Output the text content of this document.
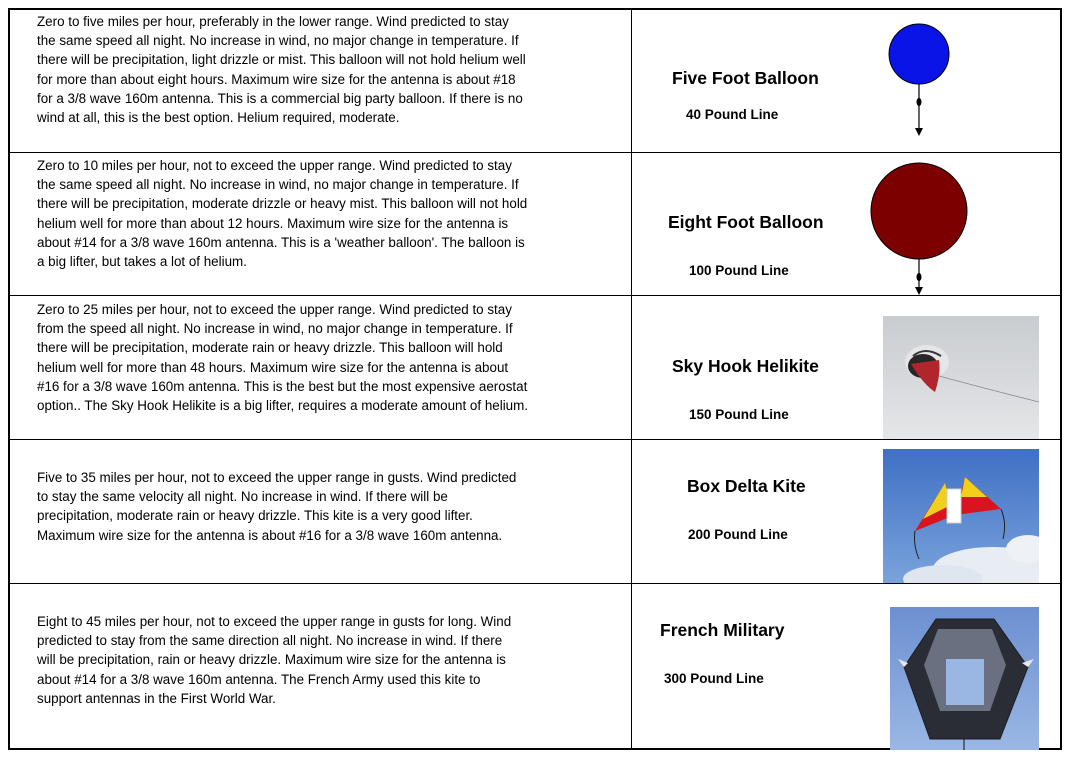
Zero to five miles per hour, preferably in the lower range. Wind predicted to stay
the same speed all night. No increase in wind, no major change in temperature. If
there will be precipitation, light drizzle or mist. This balloon will not hold helium well
for more than about eight hours. Maximum wire size for the antenna is about #18
for a 3/8 wave 160m antenna. This is a commercial big party balloon. If there is no
wind at all, this is the best option. Helium required, moderate.
Five Foot Balloon
40 Pound Line
Zero to 10 miles per hour, not to exceed the upper range. Wind predicted to stay
the same speed all night. No increase in wind, no major change in temperature. If
there will be precipitation, moderate drizzle or heavy mist. This balloon will not hold
helium well for more than about 12 hours. Maximum wire size for the antenna is
about #14 for a 3/8 wave 160m antenna. This is a 'weather balloon'. The balloon is
a big lifter, but takes a lot of helium.
Eight Foot Balloon
100 Pound Line
Zero to 25 miles per hour, not to exceed the upper range. Wind predicted to stay
from the speed all night. No increase in wind, no major change in temperature. If
there will be precipitation, moderate rain or heavy drizzle. This balloon will hold
helium well for more than 48 hours. Maximum wire size for the antenna is about
#16 for a 3/8 wave 160m antenna. This is the best but the most expensive aerostat
option.. The Sky Hook Helikite is a big lifter, requires a moderate amount of helium.
Sky Hook Helikite
150 Pound Line
Five to 35 miles per hour, not to exceed the upper range in gusts. Wind predicted
to stay the same velocity all night. No increase in wind. If there will be
precipitation, moderate rain or heavy drizzle. This kite is a very good lifter.
Maximum wire size for the antenna is about #16 for a 3/8 wave 160m antenna.
Box Delta Kite
200 Pound Line
Eight to 45 miles per hour, not to exceed the upper range in gusts for long. Wind
predicted to stay from the same direction all night. No increase in wind. If there
will be precipitation, rain or heavy drizzle. Maximum wire size for the antenna is
about #14 for a 3/8 wave 160m antenna. The French Army used this kite to
support antennas in the First World War.
French Military
300 Pound Line
